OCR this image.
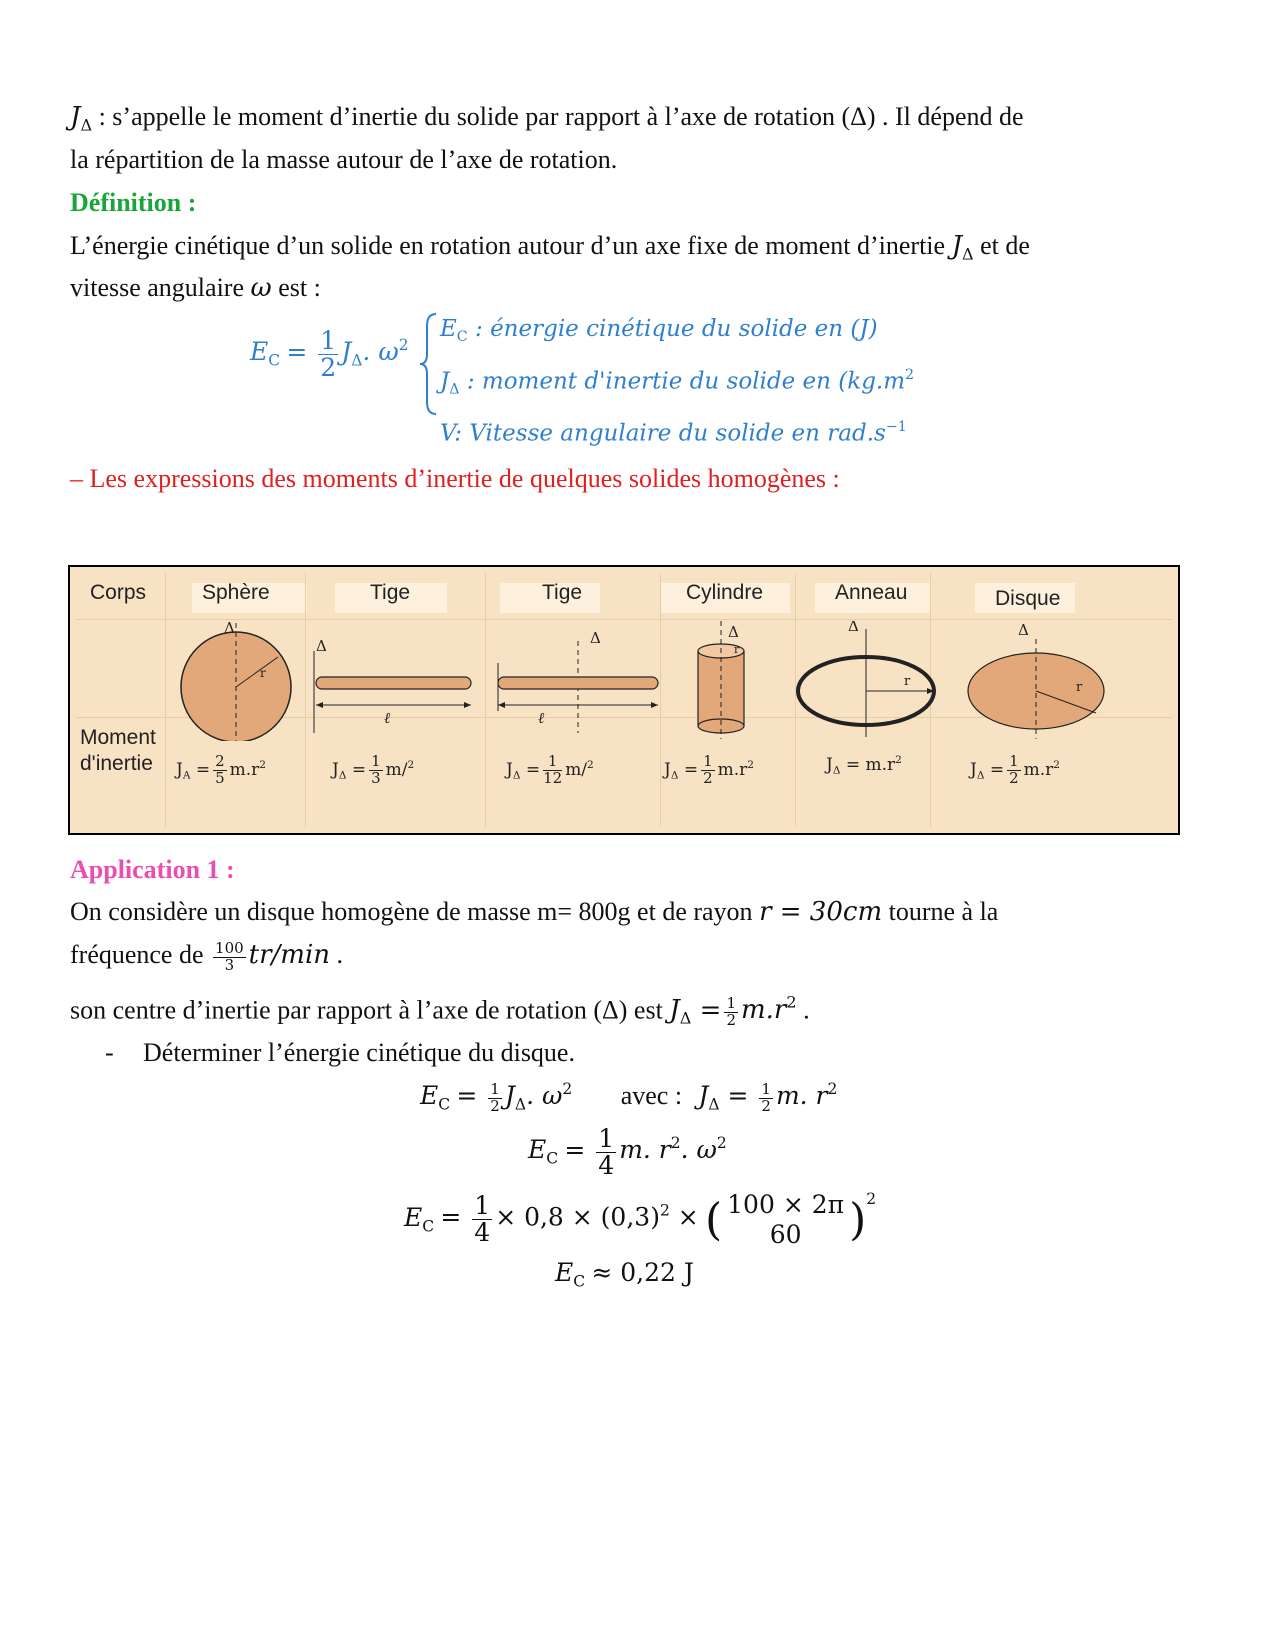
$J_\Delta$ : s’appelle le moment d’inertie du solide par rapport à l’axe de rotation (Δ) . Il dépend de
la répartition de la masse autour de l’axe de rotation.
Définition :
L’énergie cinétique d’un solide en rotation autour d’un axe fixe de moment d’inertie $J_\Delta$ et de
vitesse angulaire ω est :
$E_C = \frac{1}{2} J_\Delta$. $\omega^2$
$E_C$ : énergie cinétique du solide en (J)
$J_\Delta$ : moment d'inertie du solide en ($kg.m^2$
V: Vitesse angulaire du solide en $rad.s^{-1}$
– Les expressions des moments d’inertie de quelques solides homogènes :
Corps	Sphère	Tige	Tige	Cylindre	Anneau	Disque
Δ
r
Δ
ℓ
Δ
ℓ
Δ
r
Δ
r
Δ
r
Moment
d'inertie $J_A = \frac{2}{5} m.r^2$	$J_\Delta = \frac{1}{3} m/^2$	$J_\Delta = \frac{1}{12} m/^2$	$J_\Delta = \frac{1}{2} m.r^2$	$J_\Delta = m.r^2$	$J_\Delta = \frac{1}{2} m.r^2$
Application 1 :
On considère un disque homogène de masse m= 800g et de rayon r = 30cm tourne à la
fréquence de $\frac{100}{3} tr/\min$ .
son centre d’inertie par rapport à l’axe de rotation (Δ) est $J_\Delta = \frac{1}{2} m.r^2$ .
- Déterminer l’énergie cinétique du disque.
$E_C = \frac{1}{2} J_\Delta$. $\omega^2$ avec : $J_\Delta = \frac{1}{2} m$. $r^2$
$E_C = \frac{1}{4} m$. $r^2$. $\omega^2$
$E_C = \frac{1}{4} \times 0,8 \times (0,3)^2$ × ( 100 × 2π
60	)$^2$
$E_C \approx 0,22$ J
